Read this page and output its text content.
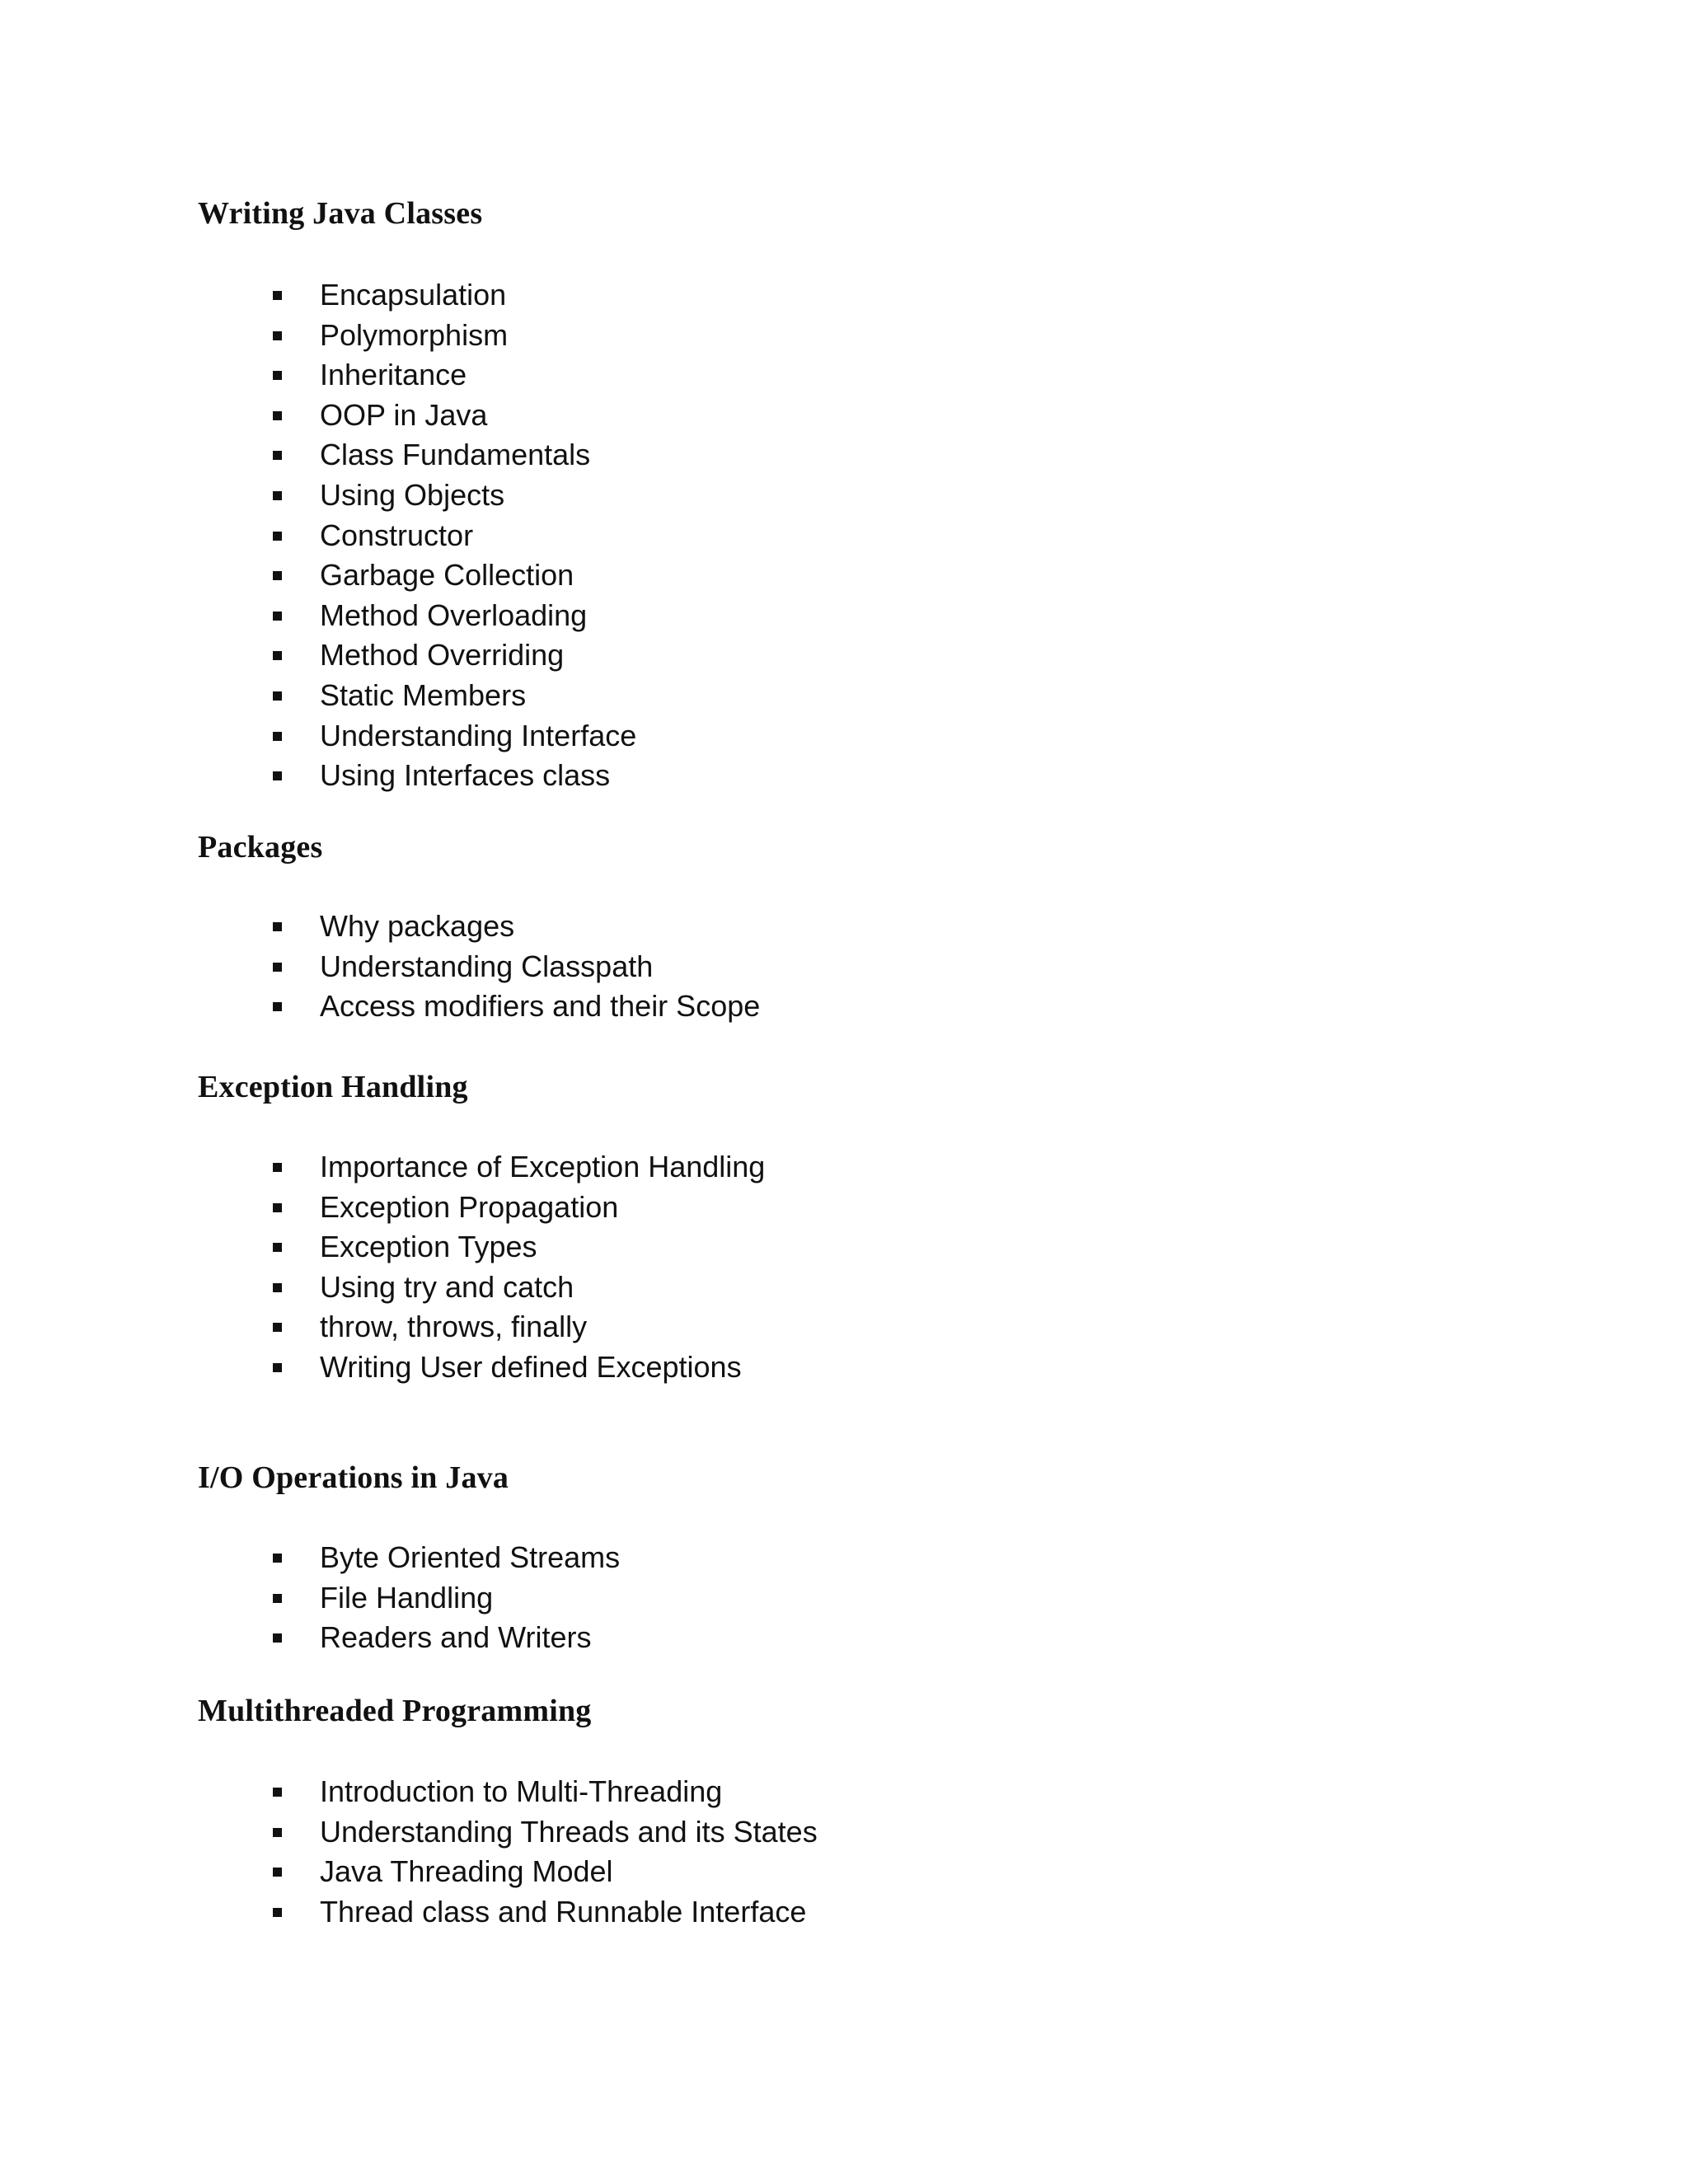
Writing Java Classes
Encapsulation
Polymorphism
Inheritance
OOP in Java
Class Fundamentals
Using Objects
Constructor
Garbage Collection
Method Overloading
Method Overriding
Static Members
Understanding Interface
Using Interfaces class
Packages
Why packages
Understanding Classpath
Access modifiers and their Scope
Exception Handling
Importance of Exception Handling
Exception Propagation
Exception Types
Using try and catch
throw, throws, finally
Writing User defined Exceptions
I/O Operations in Java
Byte Oriented Streams
File Handling
Readers and Writers
Multithreaded Programming
Introduction to Multi-Threading
Understanding Threads and its States
Java Threading Model
Thread class and Runnable Interface
